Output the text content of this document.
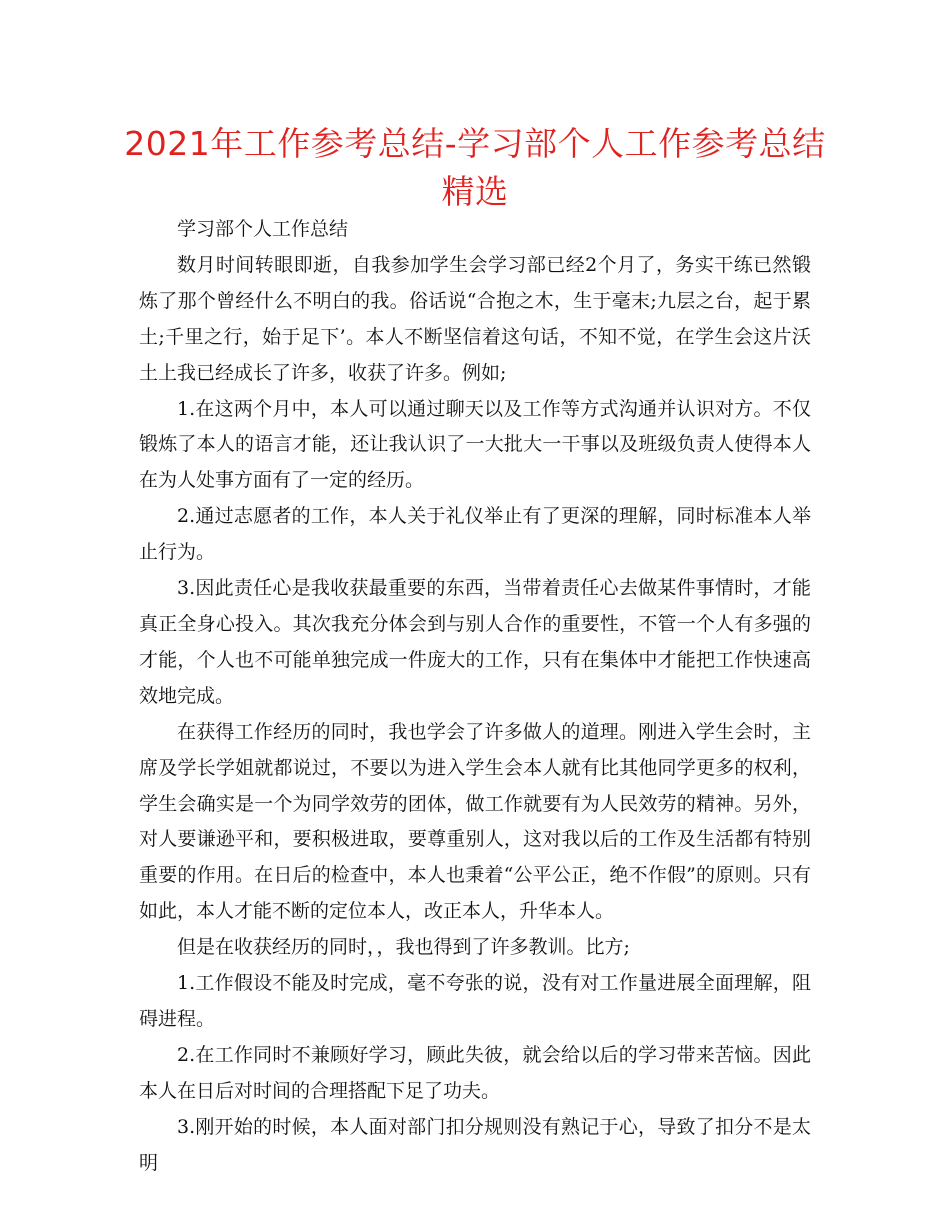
2021年工作参考总结-学习部个人工作参考总结精选

学习部个人工作总结

数月时间转眼即逝，自我参加学生会学习部已经2个月了，务实干练已然锻炼了那个曾经什么不明白的我。俗话说“合抱之木，生于毫末;九层之台，起于累土;千里之行，始于足下’。本人不断坚信着这句话，不知不觉，在学生会这片沃土上我已经成长了许多，收获了许多。例如;

1.在这两个月中，本人可以通过聊天以及工作等方式沟通并认识对方。不仅锻炼了本人的语言才能，还让我认识了一大批大一干事以及班级负责人使得本人在为人处事方面有了一定的经历。

2.通过志愿者的工作，本人关于礼仪举止有了更深的理解，同时标准本人举止行为。

3.因此责任心是我收获最重要的东西，当带着责任心去做某件事情时，才能真正全身心投入。其次我充分体会到与别人合作的重要性，不管一个人有多强的才能，个人也不可能单独完成一件庞大的工作，只有在集体中才能把工作快速高效地完成。

在获得工作经历的同时，我也学会了许多做人的道理。刚进入学生会时，主席及学长学姐就都说过，不要以为进入学生会本人就有比其他同学更多的权利，学生会确实是一个为同学效劳的团体，做工作就要有为人民效劳的精神。另外，对人要谦逊平和，要积极进取，要尊重别人，这对我以后的工作及生活都有特别重要的作用。在日后的检查中，本人也秉着“公平公正，绝不作假”的原则。只有如此，本人才能不断的定位本人，改正本人，升华本人。

但是在收获经历的同时，，我也得到了许多教训。比方;

1.工作假设不能及时完成，毫不夸张的说，没有对工作量进展全面理解，阻碍进程。

2.在工作同时不兼顾好学习，顾此失彼，就会给以后的学习带来苦恼。因此本人在日后对时间的合理搭配下足了功夫。

3.刚开始的时候，本人面对部门扣分规则没有熟记于心，导致了扣分不是太明
